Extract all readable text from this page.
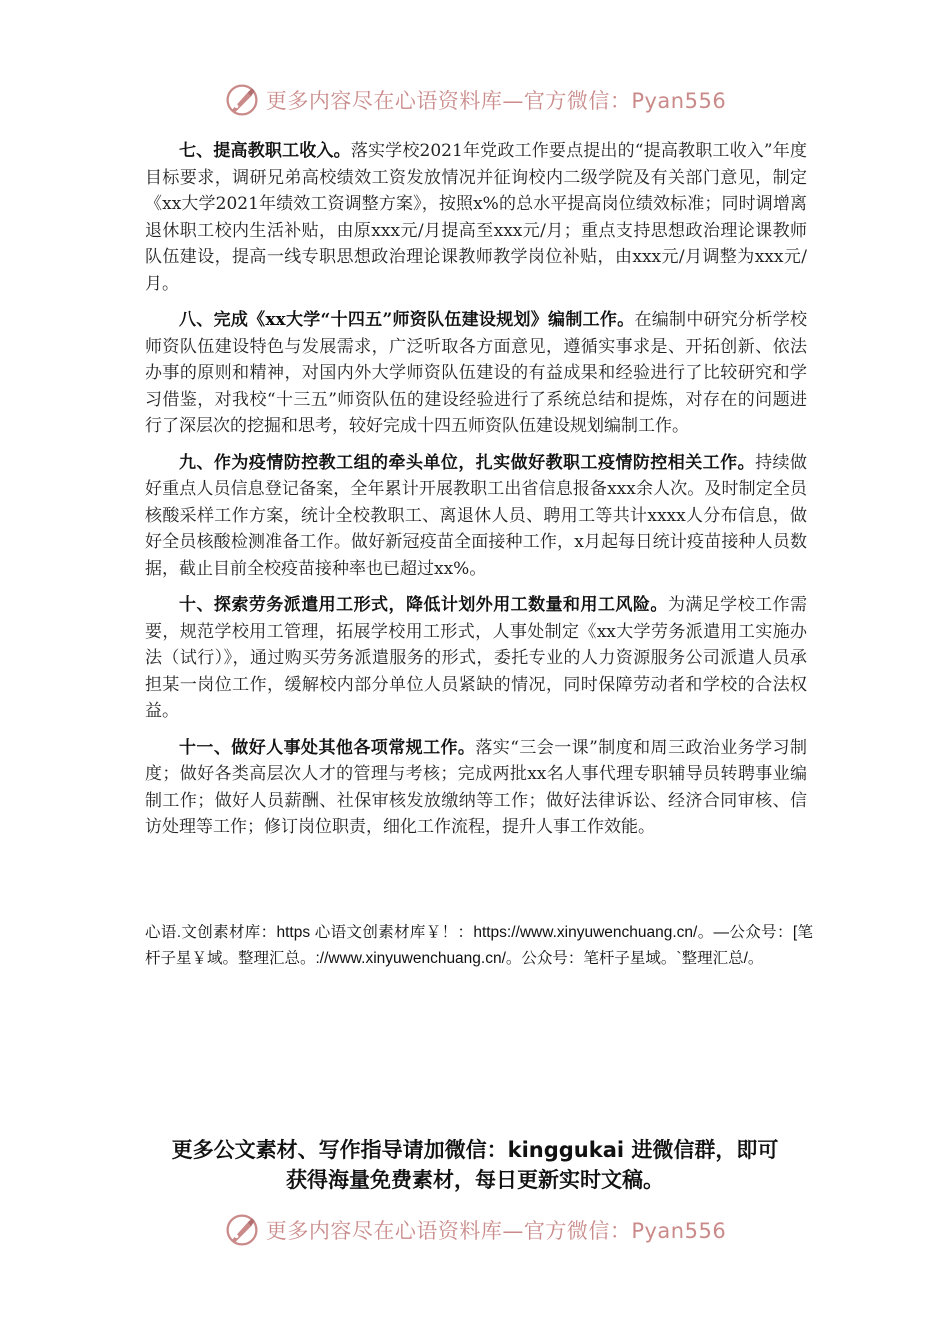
更多内容尽在心语资料库—官方微信：Pyan556

七、提高教职工收入。落实学校2021年党政工作要点提出的“提高教职工收入”年度目标要求，调研兄弟高校绩效工资发放情况并征询校内二级学院及有关部门意见，制定《xx大学2021年绩效工资调整方案》，按照x%的总水平提高岗位绩效标准；同时调增离退休职工校内生活补贴，由原xxx元/月提高至xxx元/月；重点支持思想政治理论课教师队伍建设，提高一线专职思想政治理论课教师教学岗位补贴，由xxx元/月调整为xxx元/月。

八、完成《xx大学“十四五”师资队伍建设规划》编制工作。在编制中研究分析学校师资队伍建设特色与发展需求，广泛听取各方面意见，遵循实事求是、开拓创新、依法办事的原则和精神，对国内外大学师资队伍建设的有益成果和经验进行了比较研究和学习借鉴，对我校“十三五”师资队伍的建设经验进行了系统总结和提炼，对存在的问题进行了深层次的挖掘和思考，较好完成十四五师资队伍建设规划编制工作。

九、作为疫情防控教工组的牵头单位，扎实做好教职工疫情防控相关工作。持续做好重点人员信息登记备案，全年累计开展教职工出省信息报备xxx余人次。及时制定全员核酸采样工作方案，统计全校教职工、离退休人员、聘用工等共计xxxx人分布信息，做好全员核酸检测准备工作。做好新冠疫苗全面接种工作，x月起每日统计疫苗接种人员数据，截止目前全校疫苗接种率也已超过xx%。

十、探索劳务派遣用工形式，降低计划外用工数量和用工风险。为满足学校工作需要，规范学校用工管理，拓展学校用工形式，人事处制定《xx大学劳务派遣用工实施办法（试行）》，通过购买劳务派遣服务的形式，委托专业的人力资源服务公司派遣人员承担某一岗位工作，缓解校内部分单位人员紧缺的情况，同时保障劳动者和学校的合法权益。

十一、做好人事处其他各项常规工作。落实“三会一课”制度和周三政治业务学习制度；做好各类高层次人才的管理与考核；完成两批xx名人事代理专职辅导员转聘事业编制工作；做好人员薪酬、社保审核发放缴纳等工作；做好法律诉讼、经济合同审核、信访处理等工作；修订岗位职责，细化工作流程，提升人事工作效能。

心语.文创素材库：https 心语文创素材库￥！：https://www.xinyuwenchuang.cn/。—公众号：[笔杆子星￥域。整理汇总。://www.xinyuwenchuang.cn/。公众号：笔杆子星域。`整理汇总/。

更多公文素材、写作指导请加微信：kinggukai 进微信群，即可
获得海量免费素材，每日更新实时文稿。
更多内容尽在心语资料库—官方微信：Pyan556
